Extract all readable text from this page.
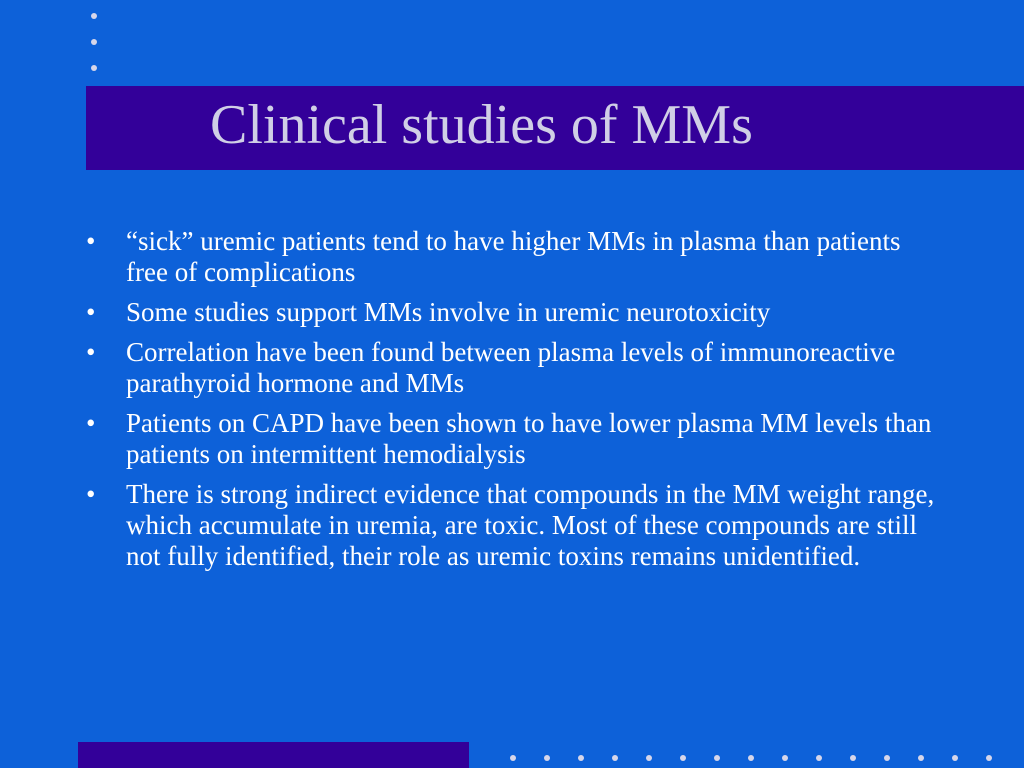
Clinical studies of MMs
•	“sick” uremic patients tend to have higher MMs in plasma than patients free of complications
•	Some studies support MMs involve in uremic neurotoxicity
•	Correlation have been found between plasma levels of immunoreactive parathyroid hormone and MMs
•	Patients on CAPD have been shown to have lower plasma MM levels than patients on intermittent hemodialysis
•	There is strong indirect evidence that compounds in the MM weight range, which accumulate in uremia, are toxic. Most of these compounds are still not fully identified, their role as uremic toxins remains unidentified.
